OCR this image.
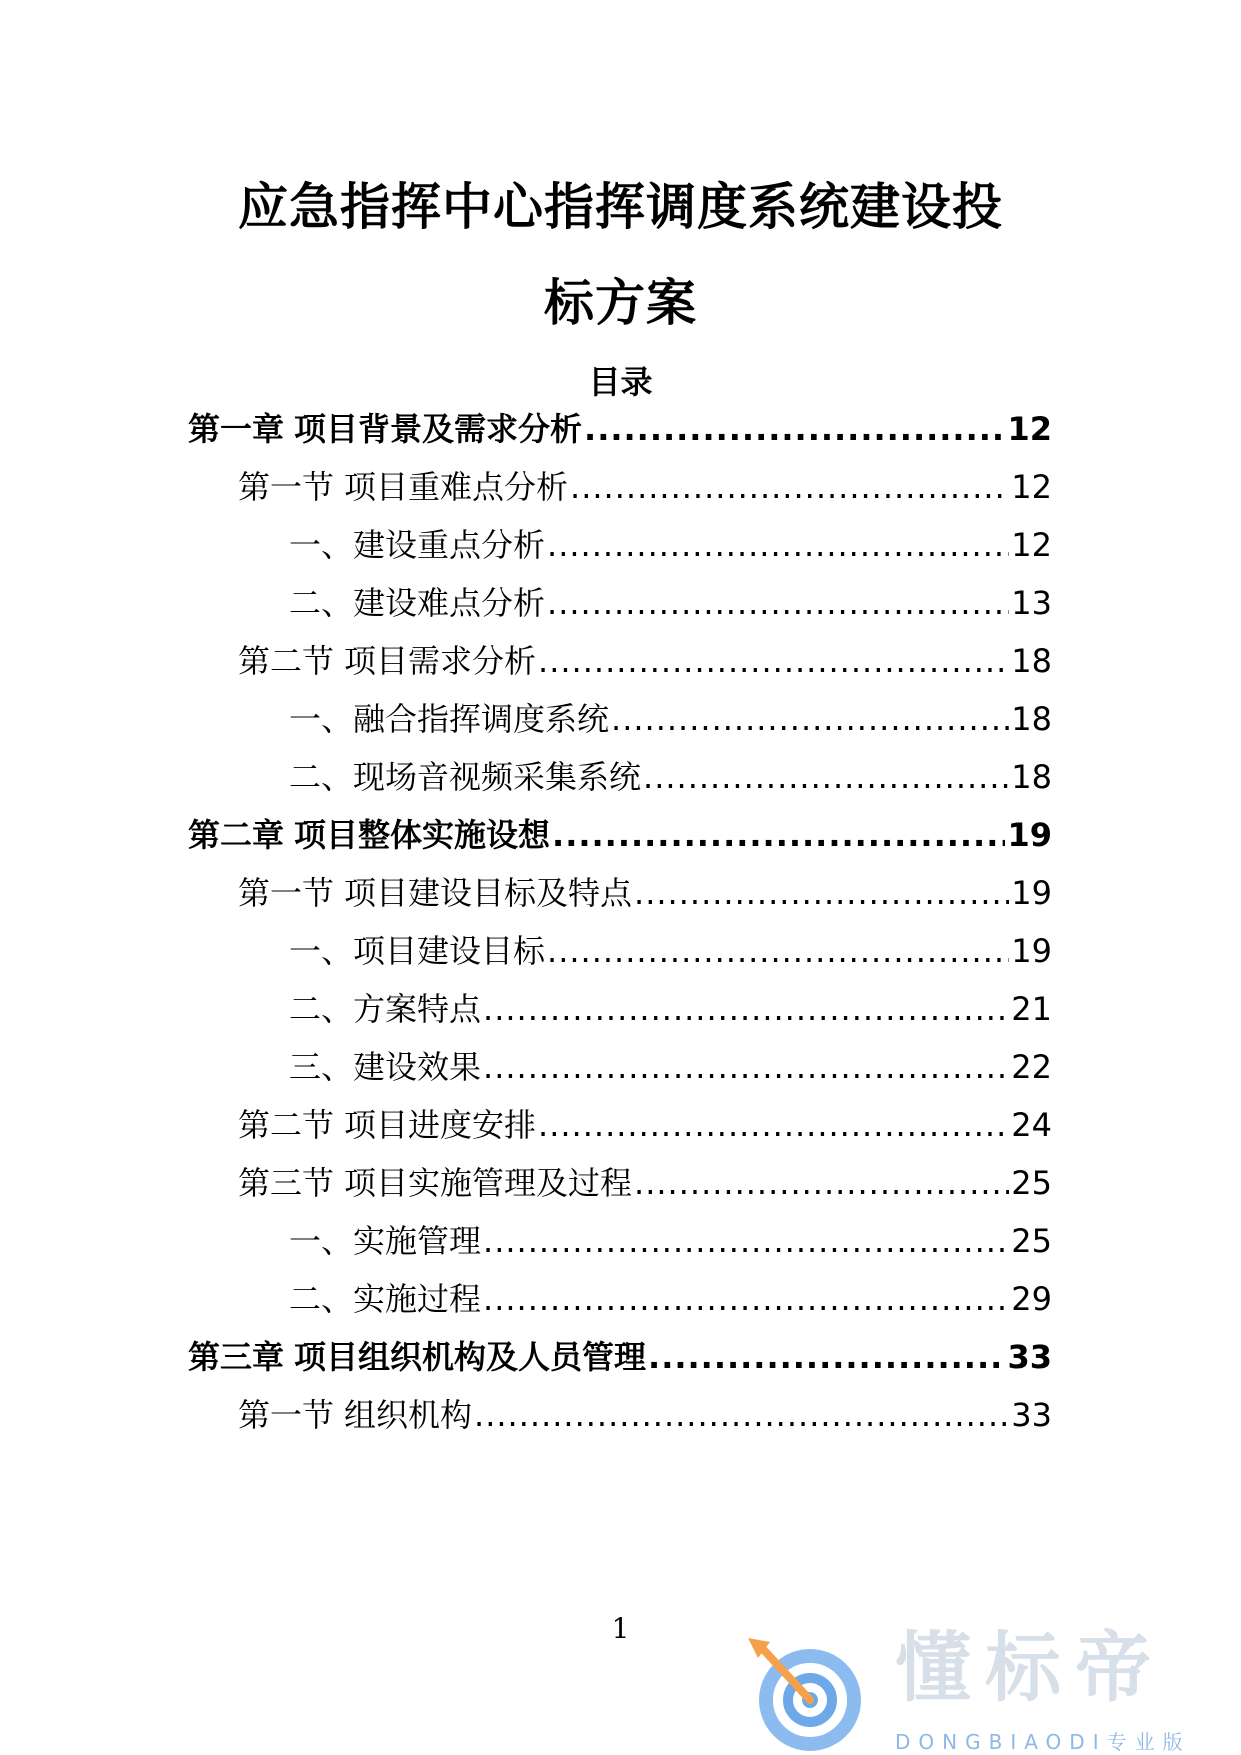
应急指挥中心指挥调度系统建设投
标方案
目录
第一章 项目背景及需求分析 .....	12
第一节 项目重难点分析 .....	12
一、建设重点分析 .....	12
二、建设难点分析 .....	13
第二节 项目需求分析 .....	18
一、融合指挥调度系统 .....	18
二、现场音视频采集系统 .....	18
第二章 项目整体实施设想 .....	19
第一节 项目建设目标及特点 .....	19
一、项目建设目标 .....	19
二、方案特点 .....	21
三、建设效果 .....	22
第二节 项目进度安排 .....	24
第三节 项目实施管理及过程 .....	25
一、实施管理 .....	25
二、实施过程 .....	29
第三章 项目组织机构及人员管理 .....	33
第一节 组织机构 .....	33
1	懂标帝
DONGBIAODI专业版
